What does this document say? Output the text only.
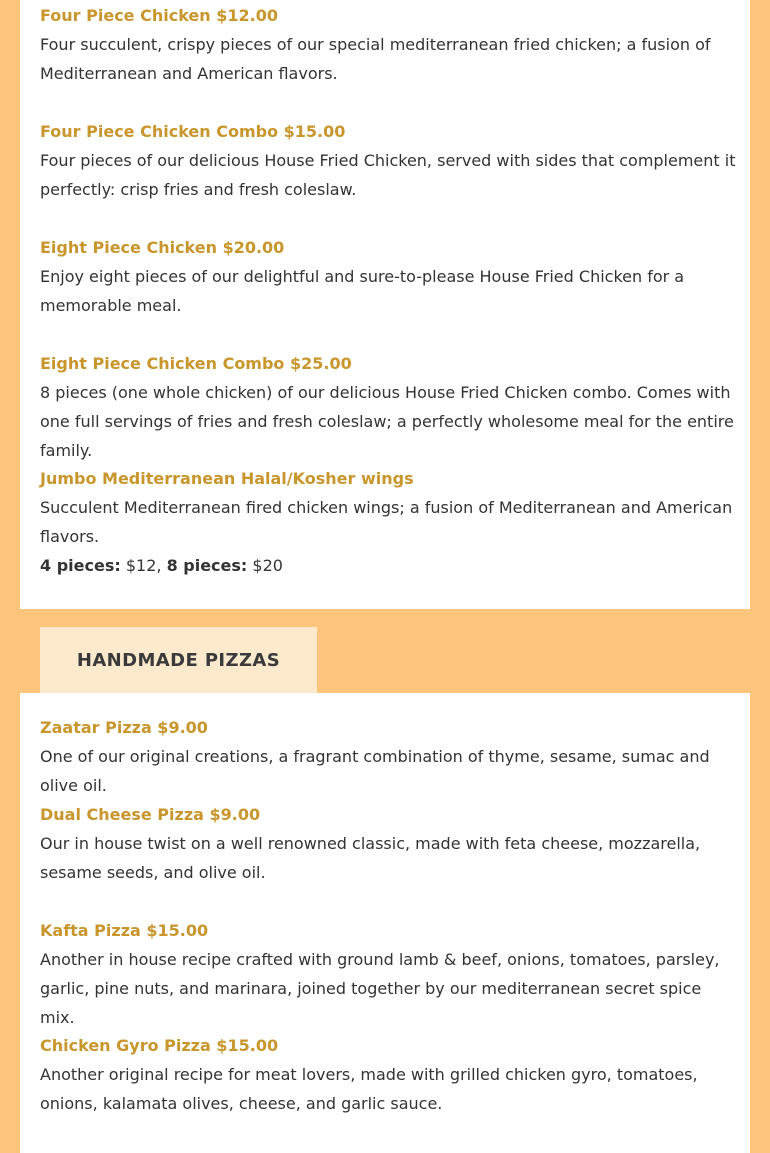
Four Piece Chicken $12.00

Four succulent, crispy pieces of our special mediterranean fried chicken; a fusion of Mediterranean and American flavors.

Four Piece Chicken Combo $15.00

Four pieces of our delicious House Fried Chicken, served with sides that complement it perfectly: crisp fries and fresh coleslaw.

Eight Piece Chicken $20.00

Enjoy eight pieces of our delightful and sure-to-please House Fried Chicken for a memorable meal.

Eight Piece Chicken Combo $25.00

8 pieces (one whole chicken) of our delicious House Fried Chicken combo. Comes with one full servings of fries and fresh coleslaw; a perfectly wholesome meal for the entire family.

Jumbo Mediterranean Halal/Kosher wings

Succulent Mediterranean fired chicken wings; a fusion of Mediterranean and American flavors.

4 pieces: $12, 8 pieces: $20

HANDMADE PIZZAS

Zaatar Pizza $9.00

One of our original creations, a fragrant combination of thyme, sesame, sumac and olive oil.

Dual Cheese Pizza $9.00

Our in house twist on a well renowned classic, made with feta cheese, mozzarella, sesame seeds, and olive oil.

Kafta Pizza $15.00

Another in house recipe crafted with ground lamb & beef, onions, tomatoes, parsley, garlic, pine nuts, and marinara, joined together by our mediterranean secret spice mix.

Chicken Gyro Pizza $15.00

Another original recipe for meat lovers, made with grilled chicken gyro, tomatoes, onions, kalamata olives, cheese, and garlic sauce.
